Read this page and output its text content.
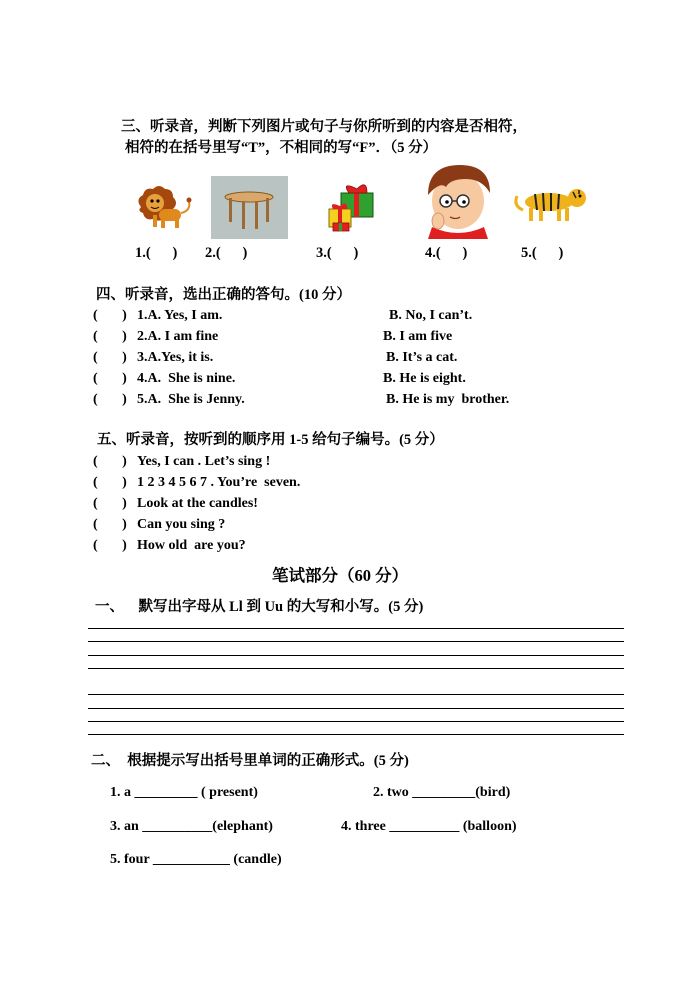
三、听录音，判断下列图片或句子与你所听到的内容是否相符，
相符的在括号里写“T”，不相同的写“F”．（5 分）
1.(      ) 2.(      )	3.(      )	4.(      )	5.(      )
四、听录音，选出正确的答句。(10 分）
(       ) 1.A. Yes, I am.	B. No, I can’t.
(       ) 2.A. I am fine	B. I am five
(       ) 3.A.Yes, it is.	B. It’s a cat.
(       ) 4.A.  She is nine.	B. He is eight.
(       ) 5.A.  She is Jenny.	B. He is my  brother.
五、听录音，按听到的顺序用 1-5 给句子编号。(5 分）
(       ) Yes, I can . Let’s sing !
(       ) 1 2 3 4 5 6 7 . You’re  seven.
(       ) Look at the candles!
(       ) Can you sing ?
(       ) How old  are you?
笔试部分（60 分）
一、    默写出字母从 Ll 到 Uu 的大写和小写。(5 分)
二、  根据提示写出括号里单词的正确形式。(5 分)
1. a _________ ( present)	2. two _________(bird)
3. an __________(elephant)	4. three __________ (balloon)
5. four ___________ (candle)
